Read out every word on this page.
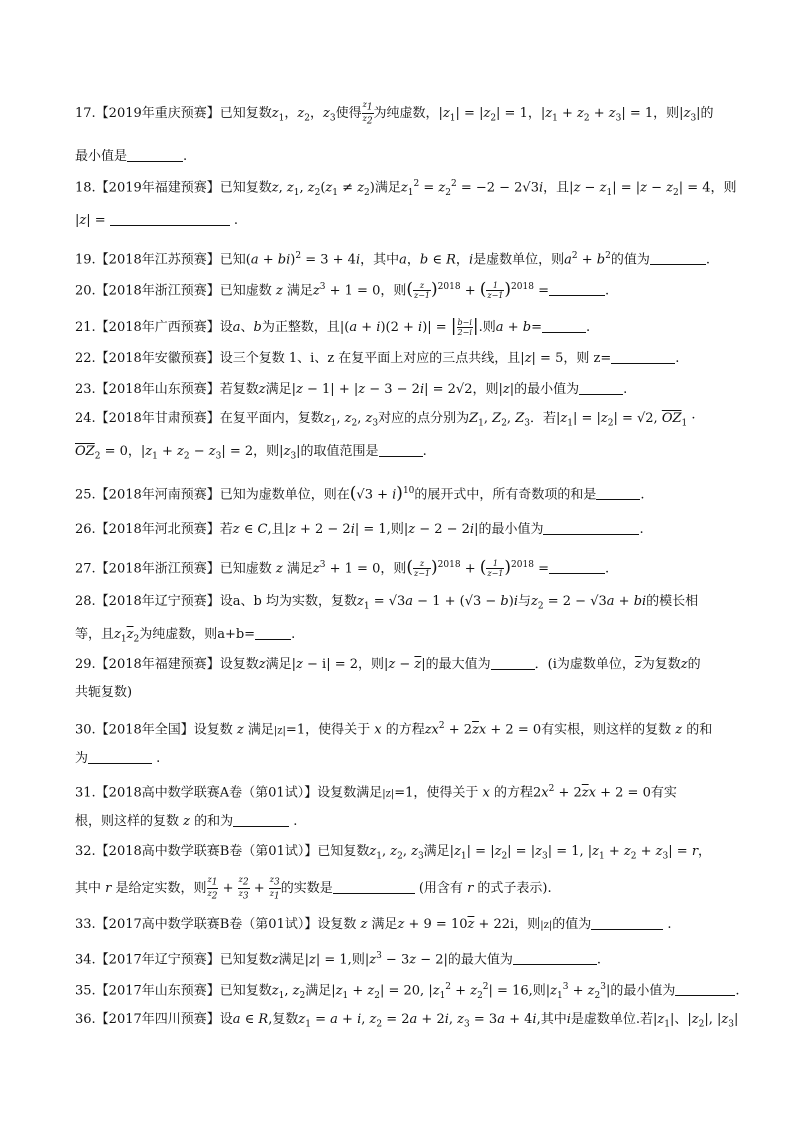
17.【2019年重庆预赛】已知复数$z_1$，$z_2$，$z_3$使得 $\frac{z_1}{z_2}$ 为纯虚数，$|z_1| = |z_2| = 1$，$|z_1 + z_2 + z_3| = 1$，则$|z_3|$的
最小值是	.
18.【2019年福建预赛】已知复数z, $z_1$, $z_2(z_1 \ne z_2)$满足$z_1^2 = z_2^2 = -2 - 2√3i$，且$|z - z_1| = |z - z_2| = 4$，则
|z| =	.
19.【2018年江苏预赛】已知(a + bi)$^2$ = 3 + 4i，其中a，b ∈ R，i是虚数单位，则$a^2 + b^2$的值为	.
20.【2018年浙江预赛】已知虚数 z 满足$z^3 + 1 = 0$，则( $\frac{z}{z-1} )^{2018}$ + ( $\frac{1}{z-1} )^{2018}$ =	.
21.【2018年广西预赛】设a、b为正整数，且|(a + i)(2 + i)| = | $\frac{b-i}{2-i}$ |.则a + b=	.
22.【2018年安徽预赛】设三个复数 1、i、z 在复平面上对应的三点共线，且|z| = 5，则 z=	.
23.【2018年山东预赛】若复数z满足|z − 1| + |z − 3 − 2i| = 2√2，则|z|的最小值为	.
24.【2018年甘肃预赛】在复平面内，复数$z_1$, $z_2$, $z_3$对应的点分别为$Z_1$, $Z_2$, $Z_3$．若$|z_1| = |z_2| = √2$, $\overline{OZ}_1$ ·
$\overline{OZ}_2 = 0$，$|z_1 + z_2 - z_3| = 2$，则$|z_3|$的取值范围是	.
25.【2018年河南预赛】已知为虚数单位，则在$(√3 + i)^{10}$的展开式中，所有奇数项的和是	.
26.【2018年河北预赛】若z ∈ C,且|z + 2 − 2i| = 1,则|z − 2 − 2i|的最小值为	.
27.【2018年浙江预赛】已知虚数 z 满足$z^3 + 1 = 0$，则( $\frac{z}{z-1} )^{2018}$ + ( $\frac{1}{z-1} )^{2018}$ =	.
28.【2018年辽宁预赛】设a、b 均为实数，复数$z_1 = √3a - 1 + (√3 - b)i$与$z_2 = 2 - √3a$ + bi的模长相
等，且$z_1\overline{z}_2$为纯虚数，则a+b=	.
29.【2018年福建预赛】设复数z满足|z − i| = 2，则$|z - \overline{z}|$的最大值为	．(i为虚数单位，$\overline{z}$为复数z的
共轭复数)
30.【2018年全国】设复数 z 满足|z|=1，使得关于 x 的方程$zx^2 + 2\overline{z}x + 2 = 0$有实根，则这样的复数 z 的和
为	.
31.【2018高中数学联赛A卷（第01试）】设复数满足|z|=1，使得关于 x 的方程$2x^2 + 2\overline{z}x + 2 = 0$有实
根，则这样的复数 z 的和为	.
32.【2018高中数学联赛B卷（第01试）】已知复数$z_1$, $z_2$, $z_3$满足$|z_1| = |z_2| = |z_3| = 1$, $|z_1 + z_2 + z_3| = r$，
其中 r 是给定实数，则 $\frac{z_1}{z_2} + \frac{z_2}{z_3} + \frac{z_3}{z_1}$ 的实数是	(用含有 r 的式子表示).
33.【2017高中数学联赛B卷（第01试）】设复数 z 满足$z + 9 = 10\overline{z} + 22i$，则|z|的值为	.
34.【2017年辽宁预赛】已知复数z满足|z| = 1,则$|z^3 - 3z - 2|$的最大值为	.
35.【2017年山东预赛】已知复数$z_1$, $z_2$满足$|z_1 + z_2| = 20$, $|z_1^2 + z_2^2| = 16$,则$|z_1^3 + z_2^3|$的最小值为	.
36.【2017年四川预赛】设a ∈ R,复数$z_1 = a + i$, $z_2 = 2a + 2i$, $z_3 = 3a + 4i$,其中i是虚数单位.若$|z_1|$、$|z_2|$, $|z_3|$
